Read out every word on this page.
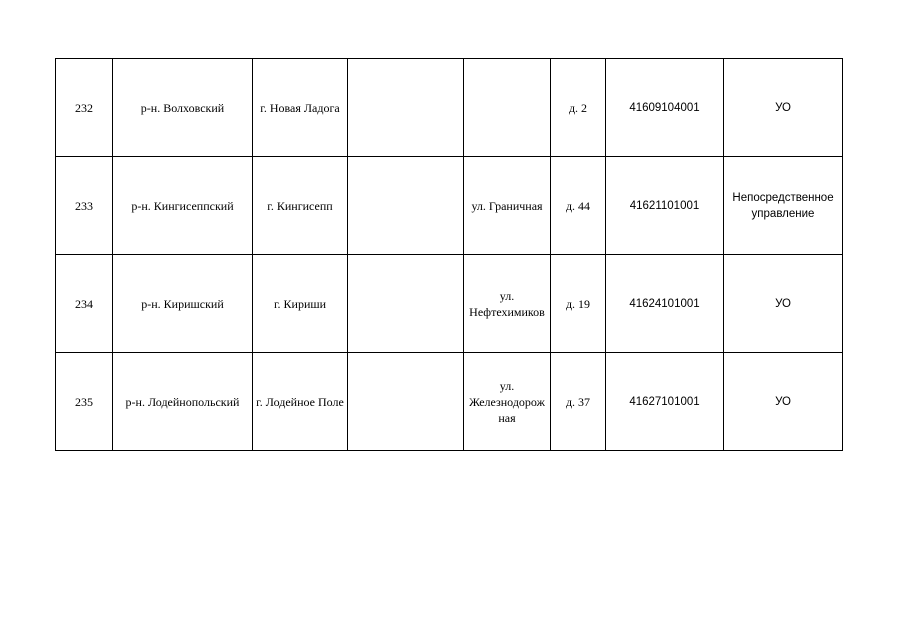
232	р-н. Волховский	г. Новая Ладога			д. 2	41609104001	УО
233	р-н. Кингисеппский	г. Кингисепп		ул. Граничная	д. 44	41621101001	Непосредственное управление
234	р-н. Киришский	г. Кириши		ул. Нефтехимиков	д. 19	41624101001	УО
235	р-н. Лодейнопольский	г. Лодейное Поле		ул. Железнодорожная	д. 37	41627101001	УО
